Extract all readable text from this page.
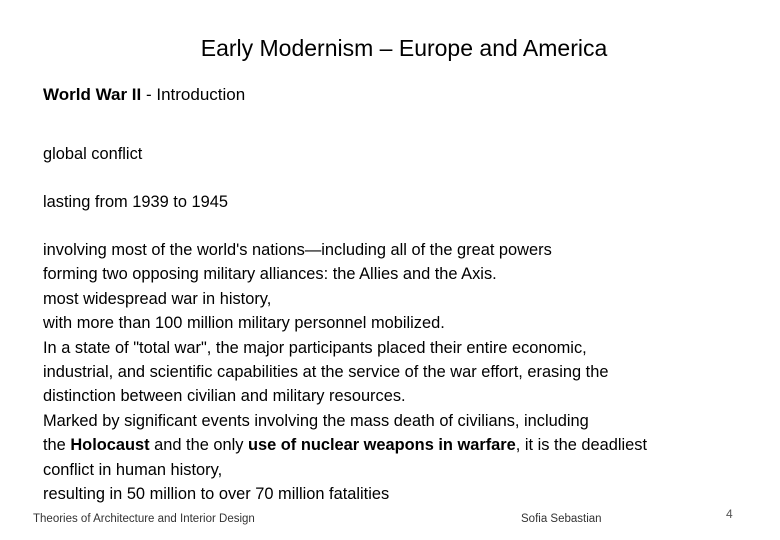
Early Modernism – Europe and America
World War II - Introduction
global conflict
lasting from 1939 to 1945
involving most of the world's nations—including all of the great powers
forming two opposing military alliances: the Allies and the Axis.
most widespread war in history,
with more than 100 million military personnel mobilized.
In a state of "total war", the major participants placed their entire economic,
industrial, and scientific capabilities at the service of the war effort, erasing the
distinction between civilian and military resources.
Marked by significant events involving the mass death of civilians, including
the Holocaust and the only use of nuclear weapons in warfare, it is the deadliest
conflict in human history,
resulting in 50 million to over 70 million fatalities
Theories of Architecture and Interior Design	Sofia Sebastian	4
